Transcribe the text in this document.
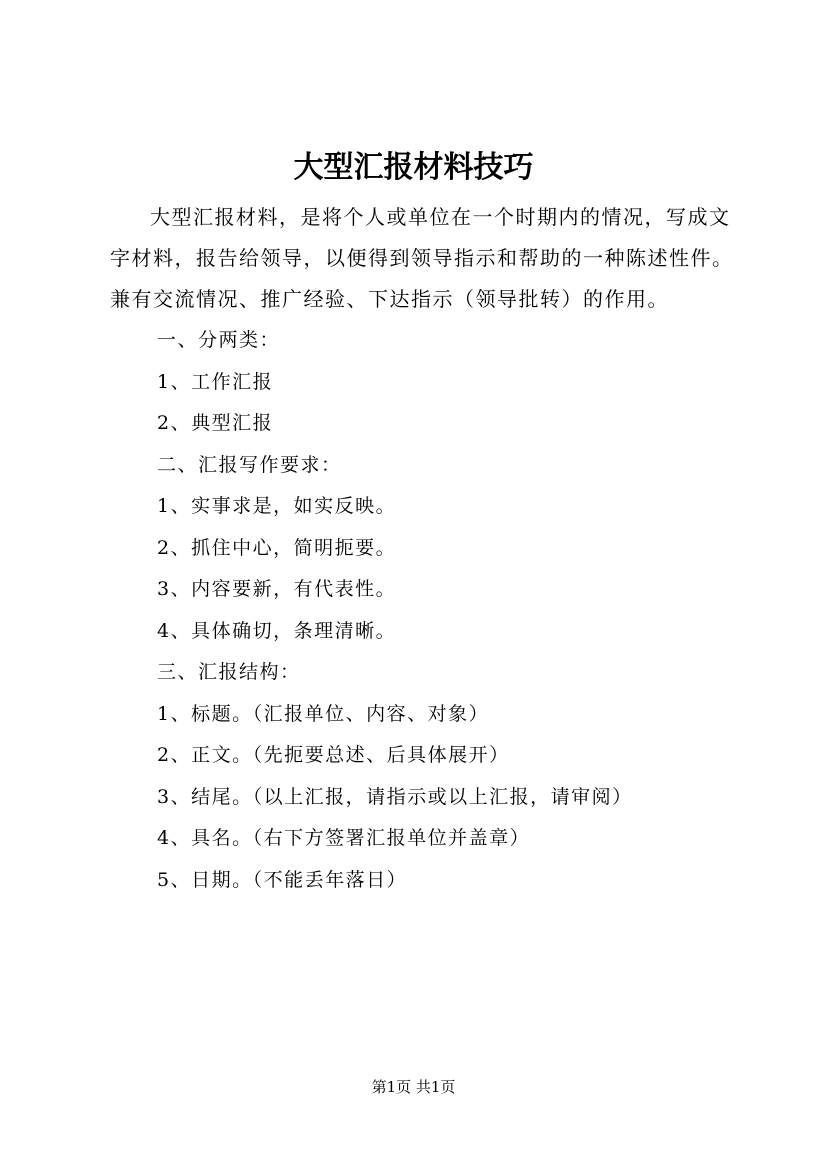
大型汇报材料技巧
大型汇报材料，是将个人或单位在一个时期内的情况，写成文字材料，报告给领导，以便得到领导指示和帮助的一种陈述性件。兼有交流情况、推广经验、下达指示（领导批转）的作用。
一、分两类：
1、工作汇报
2、典型汇报
二、汇报写作要求：
1、实事求是，如实反映。
2、抓住中心，简明扼要。
3、内容要新，有代表性。
4、具体确切，条理清晰。
三、汇报结构：
1、标题。（汇报单位、内容、对象）
2、正文。（先扼要总述、后具体展开）
3、结尾。（以上汇报，请指示或以上汇报，请审阅）
4、具名。（右下方签署汇报单位并盖章）
5、日期。（不能丢年落日）
第1页 共1页
